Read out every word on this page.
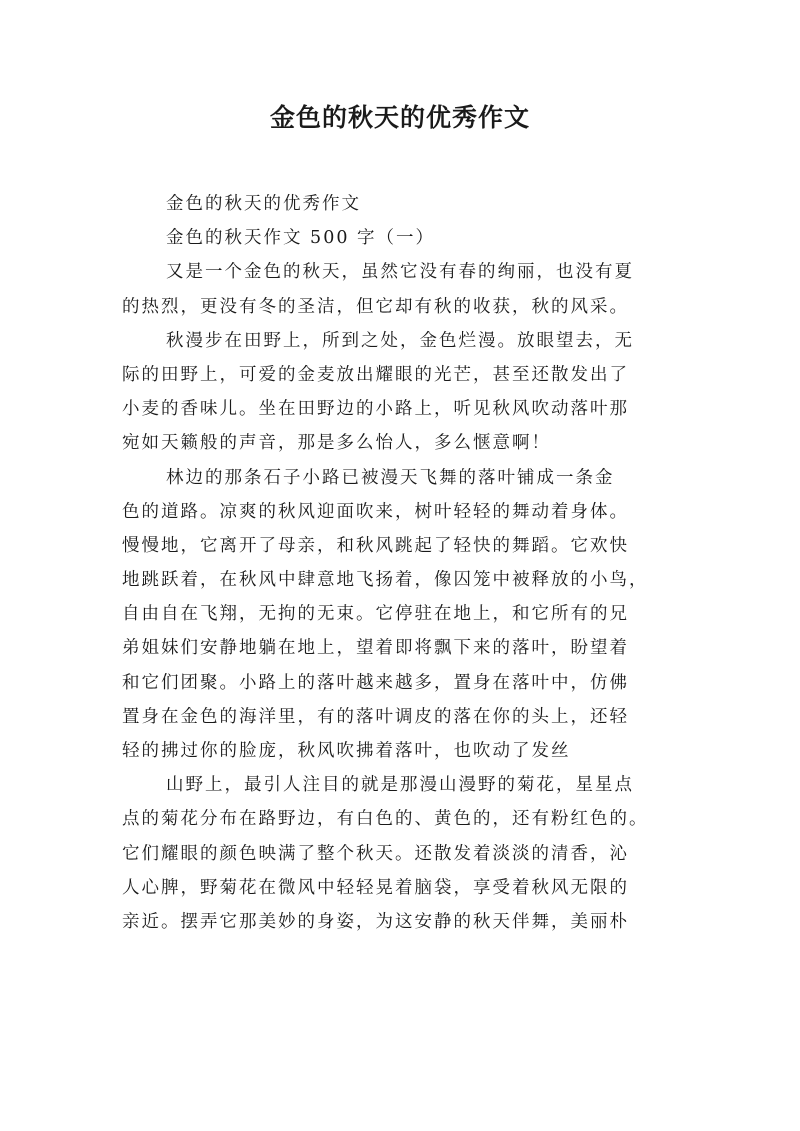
金色的秋天的优秀作文
金色的秋天的优秀作文
金色的秋天作文 500 字（一）
又是一个金色的秋天，虽然它没有春的绚丽，也没有夏
的热烈，更没有冬的圣洁，但它却有秋的收获，秋的风采。
秋漫步在田野上，所到之处，金色烂漫。放眼望去，无
际的田野上，可爱的金麦放出耀眼的光芒，甚至还散发出了
小麦的香味儿。坐在田野边的小路上，听见秋风吹动落叶那
宛如天籁般的声音，那是多么怡人，多么惬意啊！
林边的那条石子小路已被漫天飞舞的落叶铺成一条金
色的道路。凉爽的秋风迎面吹来，树叶轻轻的舞动着身体。
慢慢地，它离开了母亲，和秋风跳起了轻快的舞蹈。它欢快
地跳跃着，在秋风中肆意地飞扬着，像囚笼中被释放的小鸟，
自由自在飞翔，无拘的无束。它停驻在地上，和它所有的兄
弟姐妹们安静地躺在地上，望着即将飘下来的落叶，盼望着
和它们团聚。小路上的落叶越来越多，置身在落叶中，仿佛
置身在金色的海洋里，有的落叶调皮的落在你的头上，还轻
轻的拂过你的脸庞，秋风吹拂着落叶，也吹动了发丝
山野上，最引人注目的就是那漫山漫野的菊花，星星点
点的菊花分布在路野边，有白色的、黄色的，还有粉红色的。
它们耀眼的颜色映满了整个秋天。还散发着淡淡的清香，沁
人心脾，野菊花在微风中轻轻晃着脑袋，享受着秋风无限的
亲近。摆弄它那美妙的身姿，为这安静的秋天伴舞，美丽朴
